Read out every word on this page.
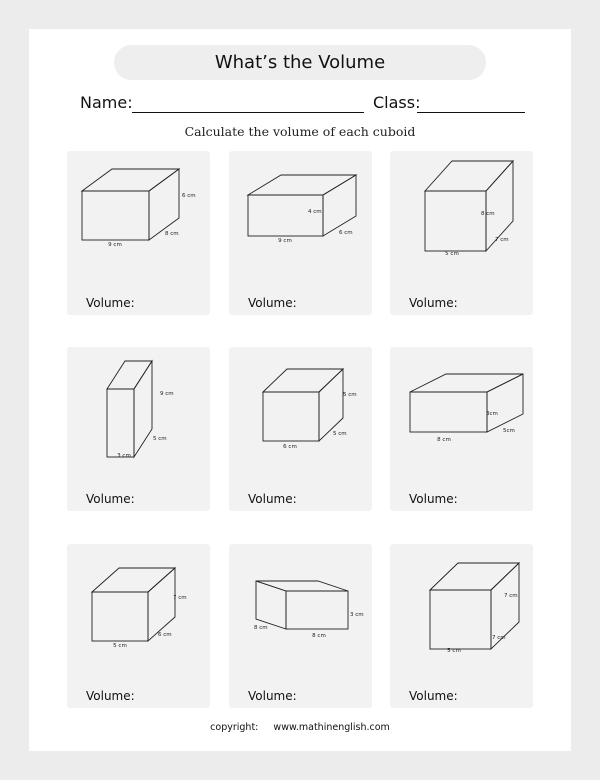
What’s the Volume
Name:	Class:
Calculate the volume of each cuboid
6 cm
8 cm
9 cm
Volume:
4 cm
6 cm
9 cm
Volume:
8 cm
7 cm
5 cm
Volume:
9 cm
5 cm
3 cm
Volume:
5 cm
5 cm
6 cm
Volume:
3cm
5cm
8 cm
Volume:
7 cm
6 cm
5 cm
Volume:
3 cm
8 cm
8 cm
Volume:
7 cm
7 cm
5 cm
Volume:
copyright: www.mathinenglish.com
